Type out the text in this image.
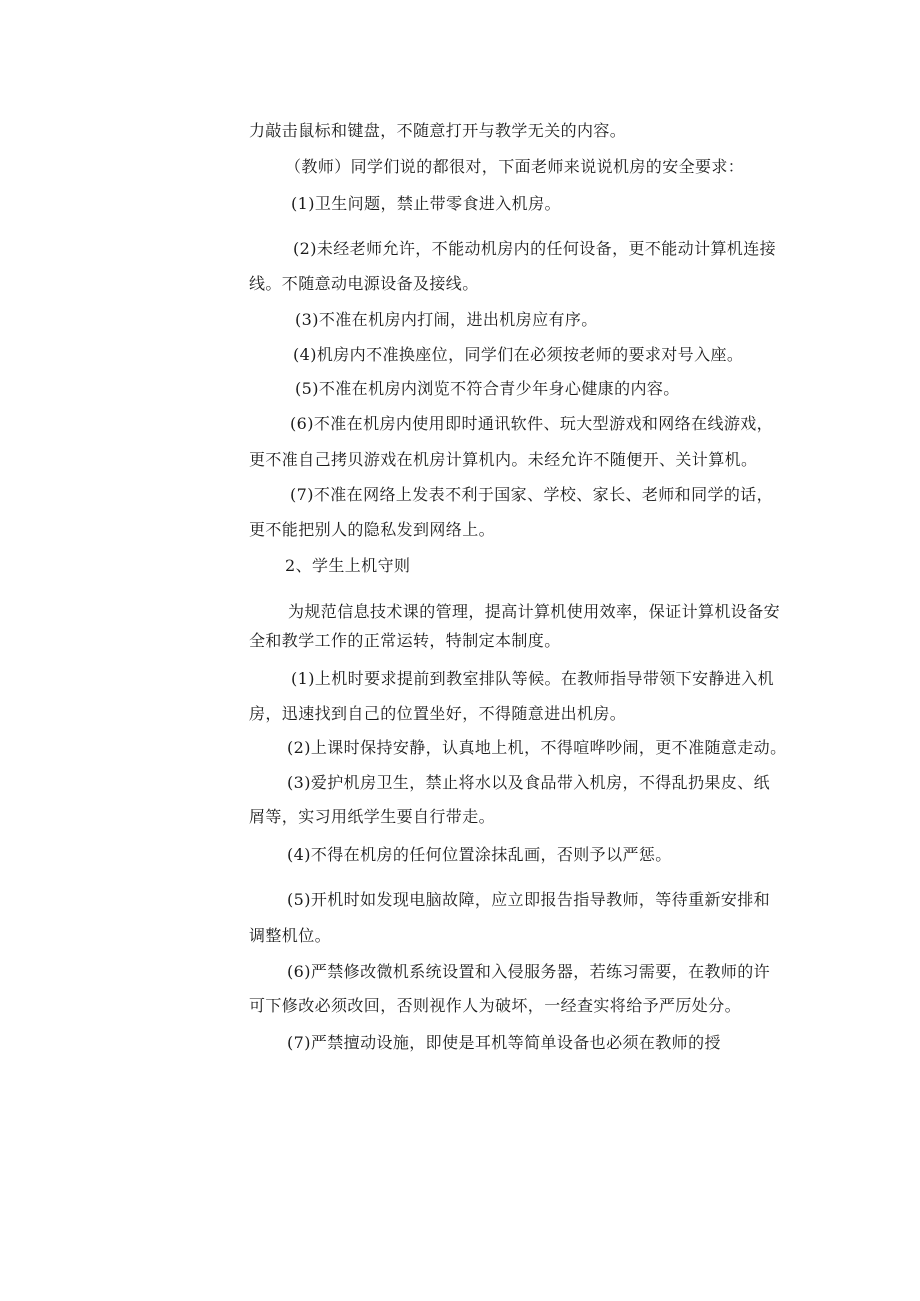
力敲击鼠标和键盘，不随意打开与教学无关的内容。
（教师）同学们说的都很对，下面老师来说说机房的安全要求：
(1)卫生问题，禁止带零食进入机房。
(2)未经老师允许，不能动机房内的任何设备，更不能动计算机连接
线。不随意动电源设备及接线。
(3)不准在机房内打闹，进出机房应有序。
(4)机房内不准换座位，同学们在必须按老师的要求对号入座。
(5)不准在机房内浏览不符合青少年身心健康的内容。
(6)不准在机房内使用即时通讯软件、玩大型游戏和网络在线游戏，
更不准自己拷贝游戏在机房计算机内。未经允许不随便开、关计算机。
(7)不准在网络上发表不利于国家、学校、家长、老师和同学的话，
更不能把别人的隐私发到网络上。
2、学生上机守则
为规范信息技术课的管理，提高计算机使用效率，保证计算机设备安
全和教学工作的正常运转，特制定本制度。
(1)上机时要求提前到教室排队等候。在教师指导带领下安静进入机
房，迅速找到自己的位置坐好，不得随意进出机房。
(2)上课时保持安静，认真地上机，不得喧哗吵闹，更不准随意走动。
(3)爱护机房卫生，禁止将水以及食品带入机房，不得乱扔果皮、纸
屑等，实习用纸学生要自行带走。
(4)不得在机房的任何位置涂抹乱画，否则予以严惩。
(5)开机时如发现电脑故障，应立即报告指导教师，等待重新安排和
调整机位。
(6)严禁修改微机系统设置和入侵服务器，若练习需要，在教师的许
可下修改必须改回，否则视作人为破坏，一经查实将给予严厉处分。
(7)严禁擅动设施，即使是耳机等简单设备也必须在教师的授
